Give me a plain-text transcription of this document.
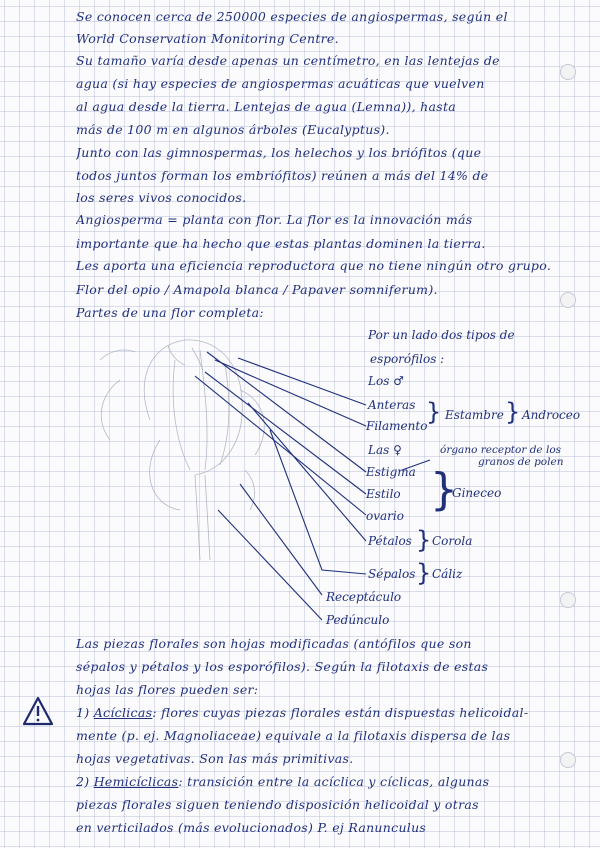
Se conocen cerca de 250000 especies de angiospermas, según el
World Conservation Monitoring Centre.
Su tamaño varía desde apenas un centímetro, en las lentejas de
agua (si hay especies de angiospermas acuáticas que vuelven
al agua desde la tierra. Lentejas de agua (Lemna)), hasta
más de 100 m en algunos árboles (Eucalyptus).
Junto con las gimnospermas, los helechos y los briófitos (que
todos juntos forman los embriófitos) reúnen a más del 14% de
los seres vivos conocidos.
Angiosperma = planta con flor. La flor es la innovación más
importante que ha hecho que estas plantas dominen la tierra.
Les aporta una eficiencia reproductora que no tiene ningún otro grupo.
Flor del opio / Amapola blanca / Papaver somniferum).
Partes de una flor completa:
Por un lado dos tipos de
esporófilos :
Los ♂
Anteras
Filamento
} Estambre } Androceo
Las ♀	órgano receptor de los
granos de polen
Estigma
Estilo
ovario
}
Gineceo
Pétalos } Corola
Sépalos } Cáliz
Receptáculo
Pedúnculo
Las piezas florales son hojas modificadas (antófilos que son
sépalos y pétalos y los esporófilos). Según la filotaxis de estas
hojas las flores pueden ser:
1) Acíclicas: flores cuyas piezas florales están dispuestas helicoidal-
mente (p. ej. Magnoliaceae) equivale a la filotaxis dispersa de las
hojas vegetativas. Son las más primitivas.
2) Hemicíclicas: transición entre la acíclica y cíclicas, algunas
piezas florales siguen teniendo disposición helicoidal y otras
en verticilados (más evolucionados) P. ej Ranunculus
